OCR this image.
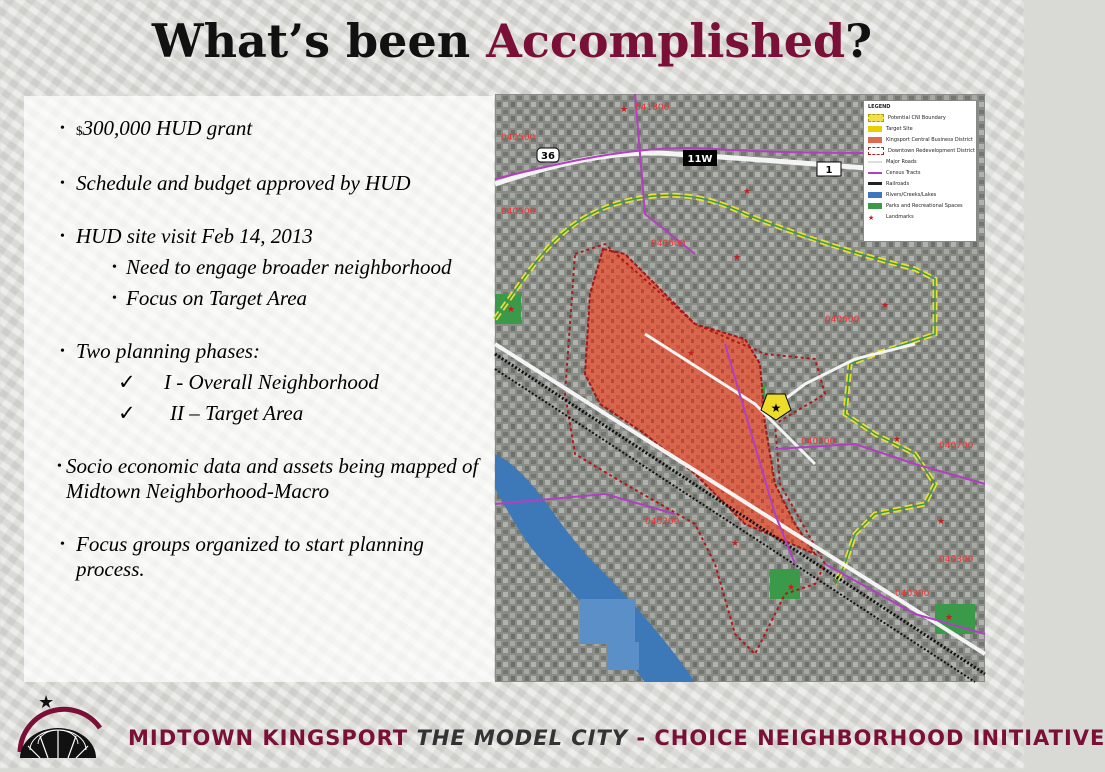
What’s been Accomplished?
• $300,000 HUD grant
• Schedule and budget approved by HUD
• HUD site visit Feb 14, 2013
• Need to engage broader neighborhood
• Focus on Target Area
• Two planning phases:
✓ I - Overall Neighborhood
✓ II – Target Area
• Socio economic data and assets being mapped of Midtown Neighborhood-Macro
• Focus groups organized to start planning process.
★
36	11W
1
041800
040500
040500
040600
040600
040200	040700
040200
040300
040300
★
★
★
★
★
★
★
★
★
★
★
LEGEND
Potential CNI Boundary
Target Site
Kingsport Central Business District
Downtown Redevelopment District
Major Roads
Census Tracts
Railroads
Rivers/Creeks/Lakes
Parks and Recreational Spaces
★	Landmarks
★
MIDTOWN KINGSPORT THE MODEL CITY - CHOICE NEIGHBORHOOD INITIATIVE
